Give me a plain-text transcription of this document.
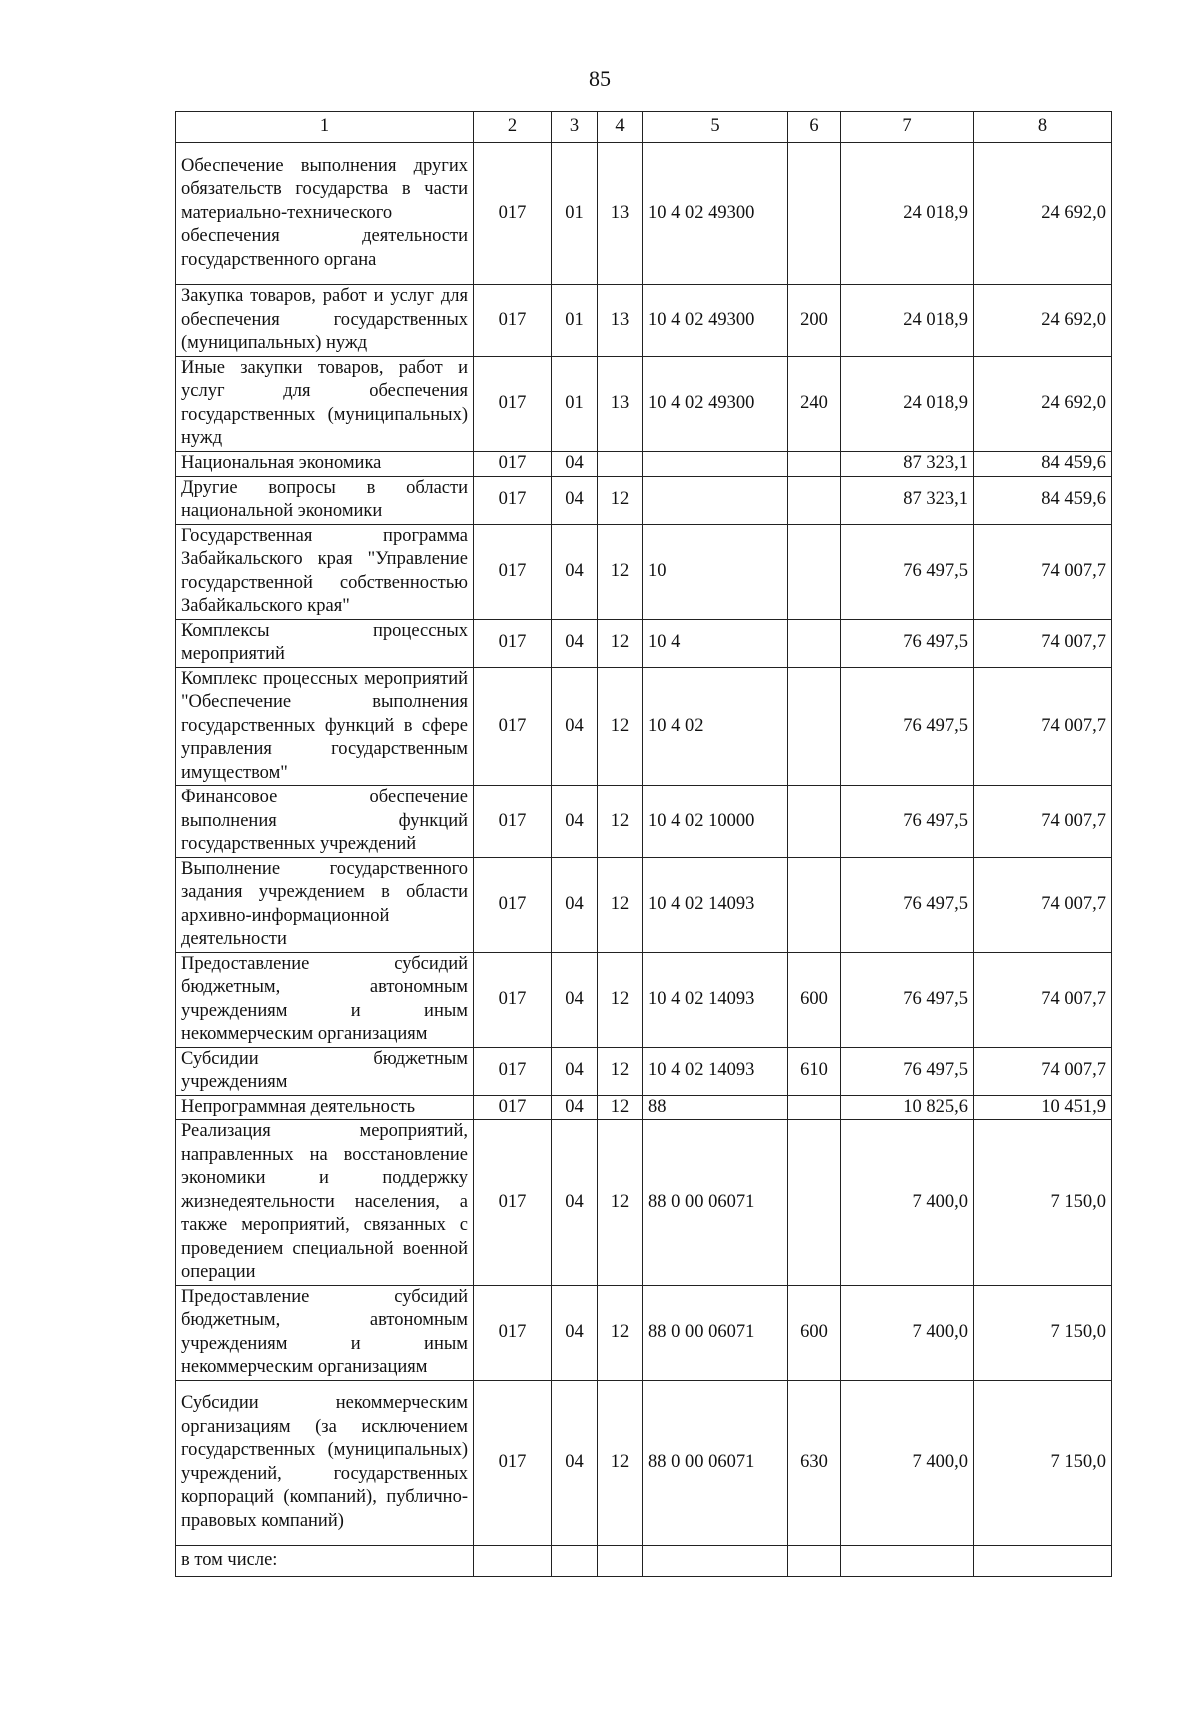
85
1	2	3	4	5	6	7	8
Обеспечение выполнения других обязательств государства в части материально-технического обеспечения деятельности государственного органа	017	01	13	10 4 02 49300		24 018,9	24 692,0
Закупка товаров, работ и услуг для обеспечения государственных (муниципальных) нужд	017	01	13	10 4 02 49300	200	24 018,9	24 692,0
Иные закупки товаров, работ и услуг для обеспечения государственных (муниципальных) нужд	017	01	13	10 4 02 49300	240	24 018,9	24 692,0
Национальная экономика	017	04				87 323,1	84 459,6
Другие вопросы в области национальной экономики	017	04	12			87 323,1	84 459,6
Государственная программа Забайкальского края "Управление государственной собственностью Забайкальского края"	017	04	12	10		76 497,5	74 007,7
Комплексы процессных мероприятий	017	04	12	10 4		76 497,5	74 007,7
Комплекс процессных мероприятий "Обеспечение выполнения государственных функций в сфере управления государственным имуществом"	017	04	12	10 4 02		76 497,5	74 007,7
Финансовое обеспечение выполнения функций государственных учреждений	017	04	12	10 4 02 10000		76 497,5	74 007,7
Выполнение государственного задания учреждением в области архивно-информационной деятельности	017	04	12	10 4 02 14093		76 497,5	74 007,7
Предоставление субсидий бюджетным, автономным учреждениям и иным некоммерческим организациям	017	04	12	10 4 02 14093	600	76 497,5	74 007,7
Субсидии бюджетным учреждениям	017	04	12	10 4 02 14093	610	76 497,5	74 007,7
Непрограммная деятельность	017	04	12	88		10 825,6	10 451,9
Реализация мероприятий, направленных на восстановление экономики и поддержку жизнедеятельности населения, а также мероприятий, связанных с проведением специальной военной операции	017	04	12	88 0 00 06071		7 400,0	7 150,0
Предоставление субсидий бюджетным, автономным учреждениям и иным некоммерческим организациям	017	04	12	88 0 00 06071	600	7 400,0	7 150,0
Субсидии некоммерческим организациям (за исключением государственных (муниципальных) учреждений, государственных корпораций (компаний), публично-правовых компаний)	017	04	12	88 0 00 06071	630	7 400,0	7 150,0
в том числе:							
